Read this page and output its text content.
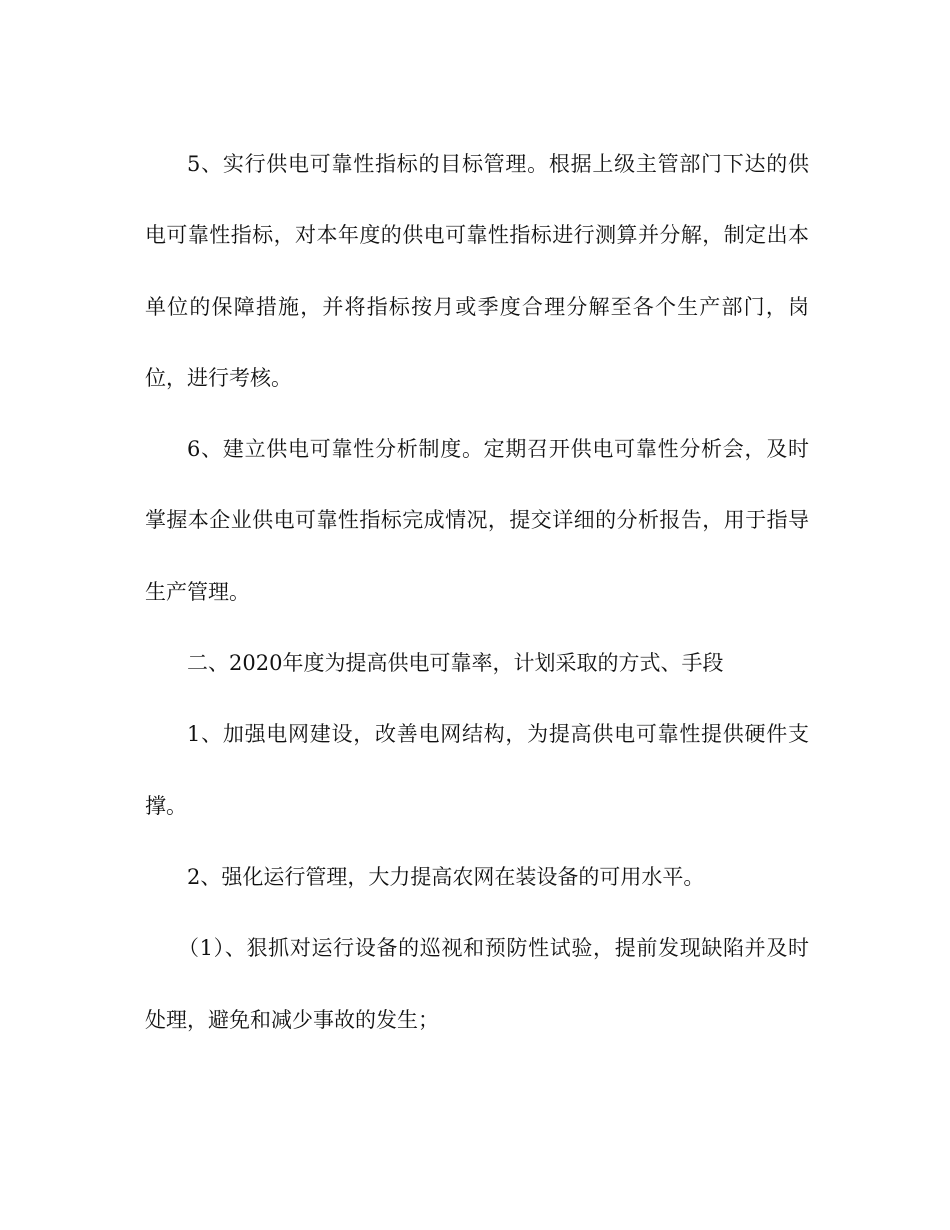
5、实行供电可靠性指标的目标管理。根据上级主管部门下达的供电可靠性指标，对本年度的供电可靠性指标进行测算并分解，制定出本单位的保障措施，并将指标按月或季度合理分解至各个生产部门，岗位，进行考核。

6、建立供电可靠性分析制度。定期召开供电可靠性分析会，及时掌握本企业供电可靠性指标完成情况，提交详细的分析报告，用于指导生产管理。

二、2020年度为提高供电可靠率，计划采取的方式、手段

1、加强电网建设，改善电网结构，为提高供电可靠性提供硬件支撑。

2、强化运行管理，大力提高农网在装设备的可用水平。

（1）、狠抓对运行设备的巡视和预防性试验，提前发现缺陷并及时处理，避免和减少事故的发生；
